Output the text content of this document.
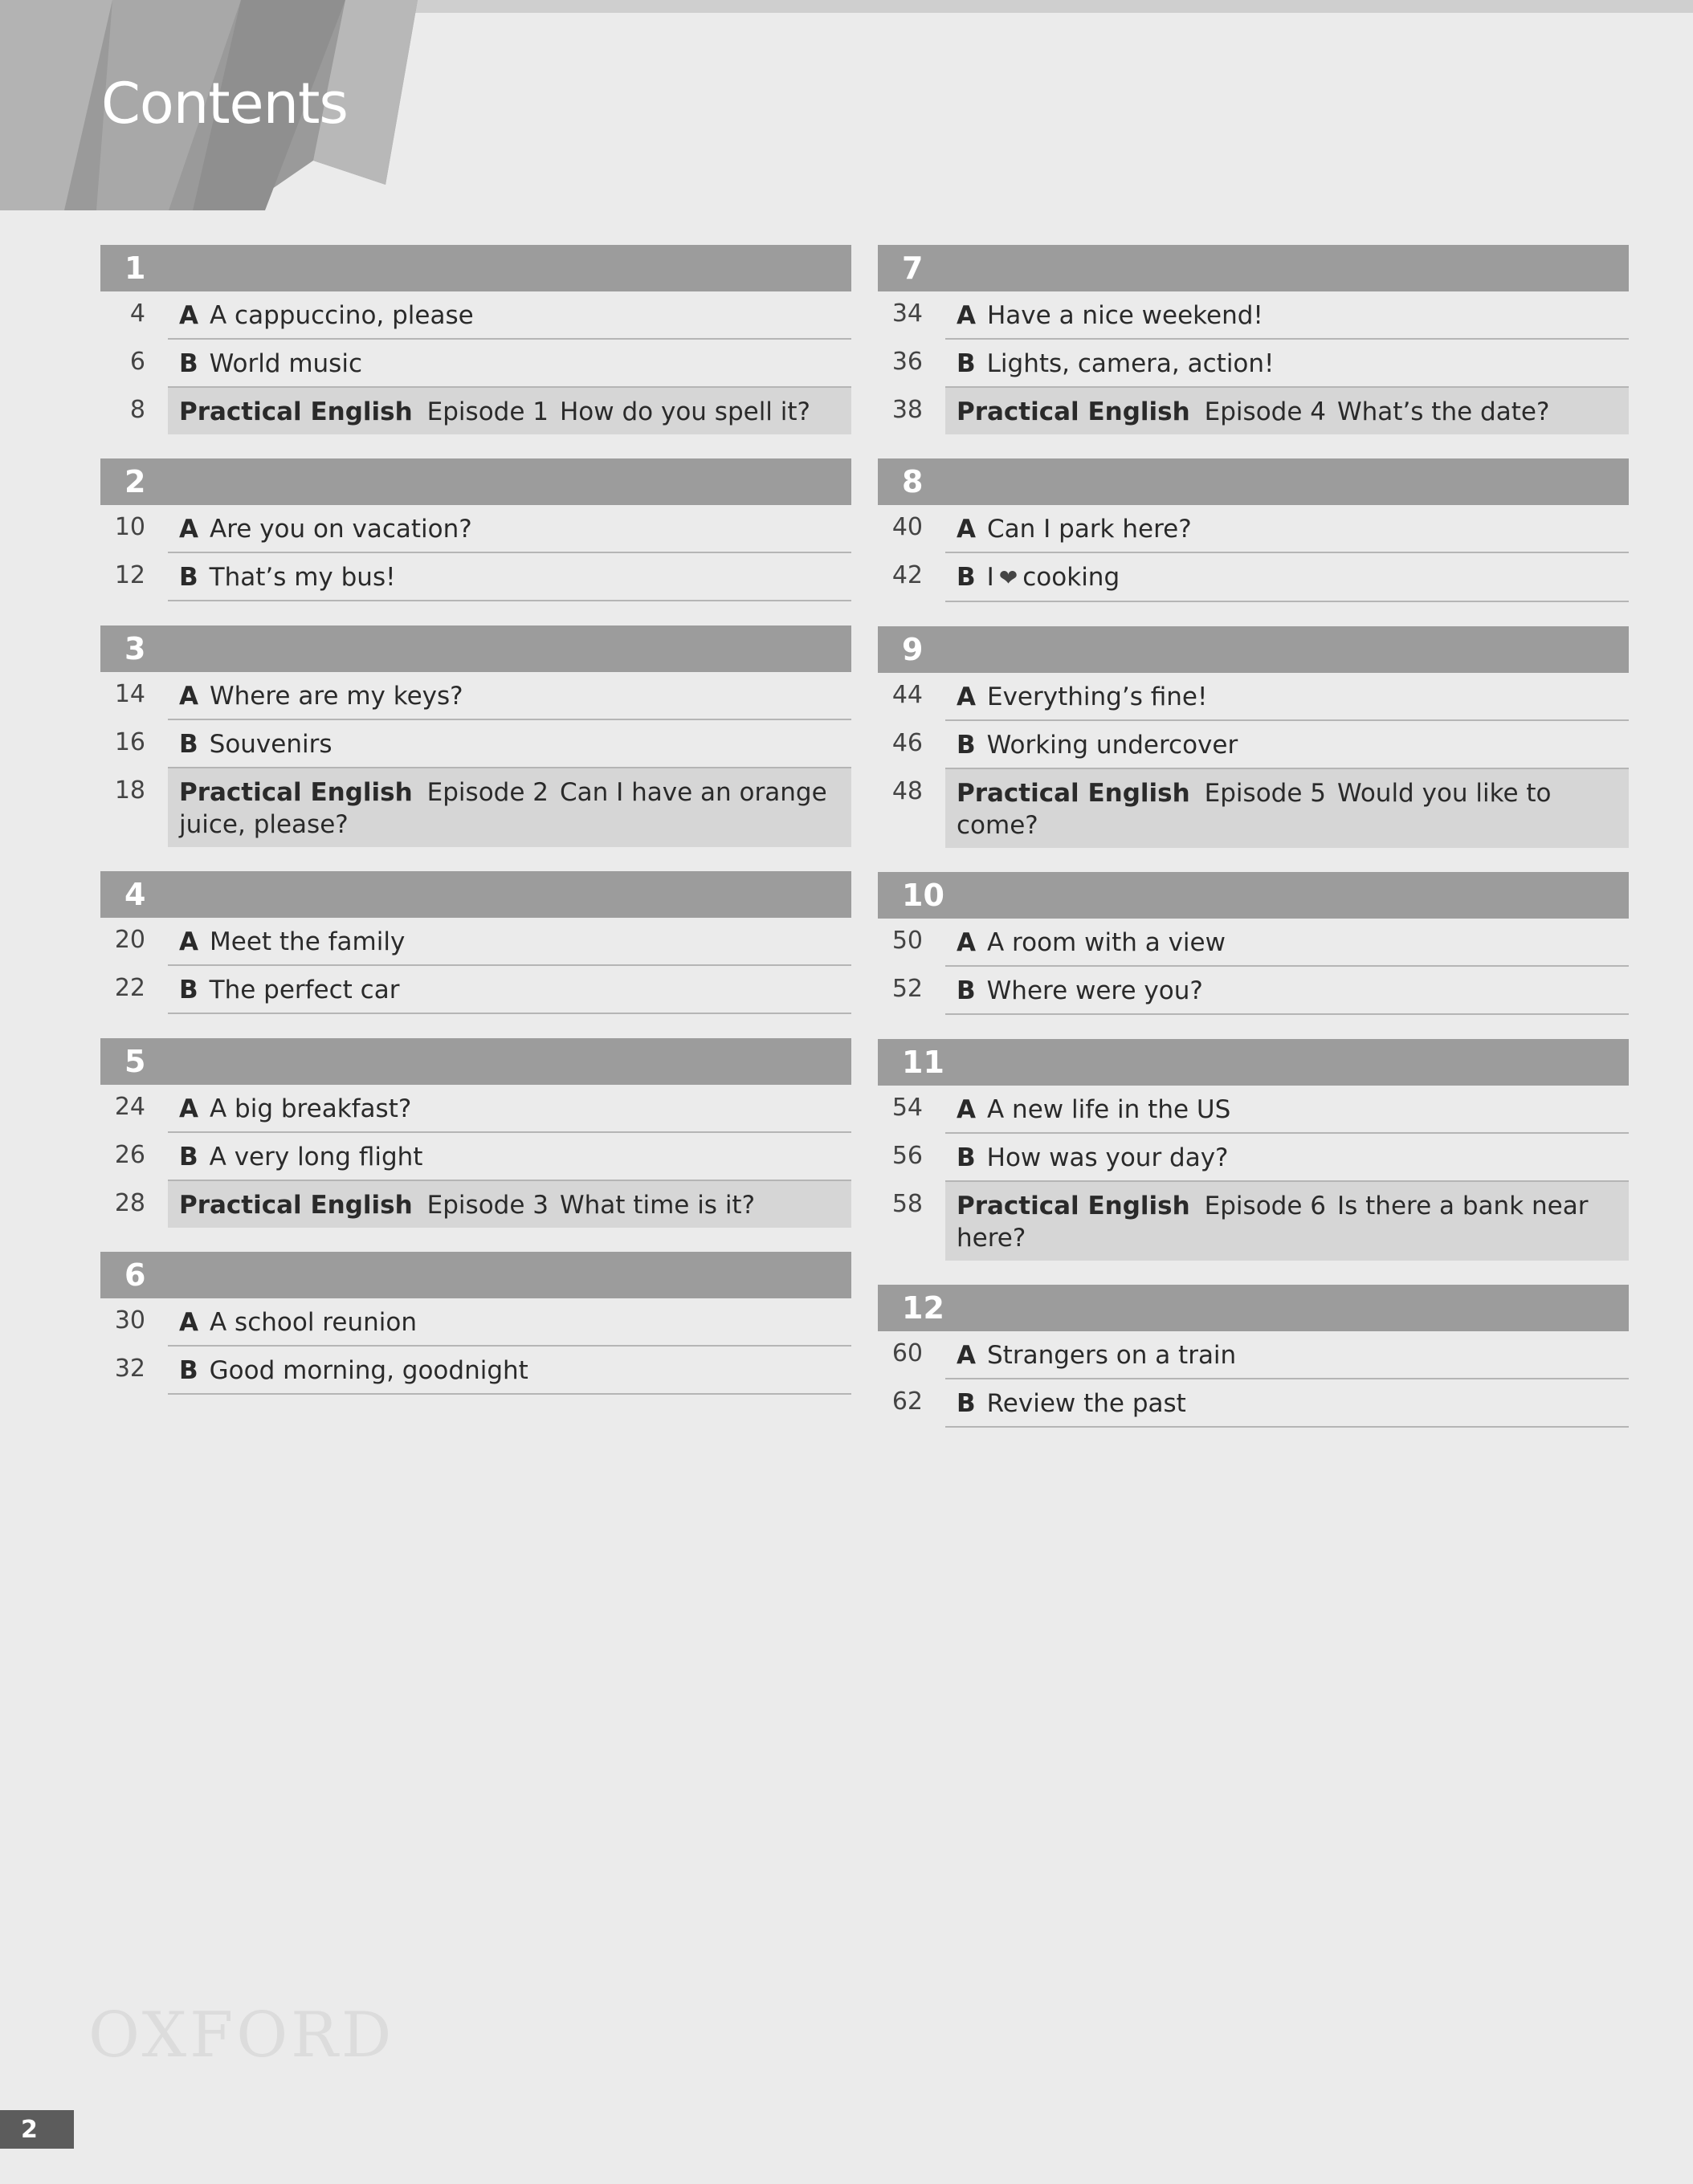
Contents
1
4	A A cappuccino, please
6	B World music
8	Practical English Episode 1 How do you spell it?
2
10	A Are you on vacation?
12	B That’s my bus!
3
14	A Where are my keys?
16	B Souvenirs
18	Practical English Episode 2 Can I have an orange juice, please?
4
20	A Meet the family
22	B The perfect car
5
24	A A big breakfast?
26	B A very long flight
28	Practical English Episode 3 What time is it?
6
30	A A school reunion
32	B Good morning, goodnight
7
34	A Have a nice weekend!
36	B Lights, camera, action!
38	Practical English Episode 4 What’s the date?
8
40	A Can I park here?
42	B I ❤ cooking
9
44	A Everything’s fine!
46	B Working undercover
48	Practical English Episode 5 Would you like to come?
10
50	A A room with a view
52	B Where were you?
11
54	A A new life in the US
56	B How was your day?
58	Practical English Episode 6 Is there a bank near here?
12
60	A Strangers on a train
62	B Review the past
OXFORD
2
